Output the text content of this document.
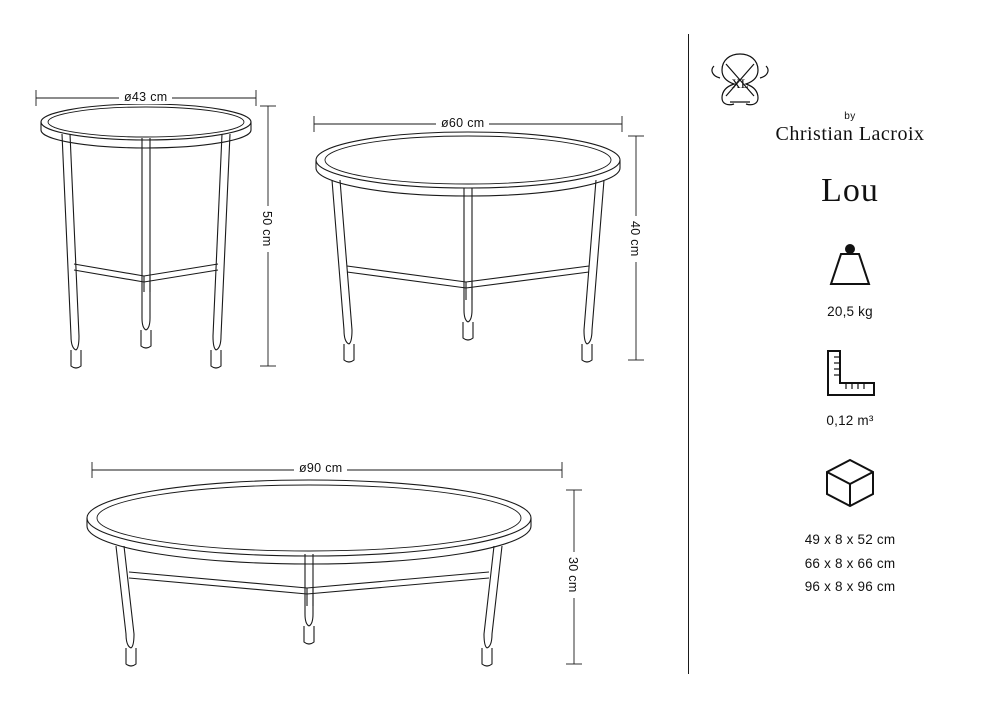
ø43 cm
50 cm
ø60 cm
40 cm
ø90 cm
30 cm
XL
by
Christian Lacroix
Lou
20,5 kg
0,12 m³
49 x 8 x 52 cm
66 x 8 x 66 cm
96 x 8 x 96 cm
